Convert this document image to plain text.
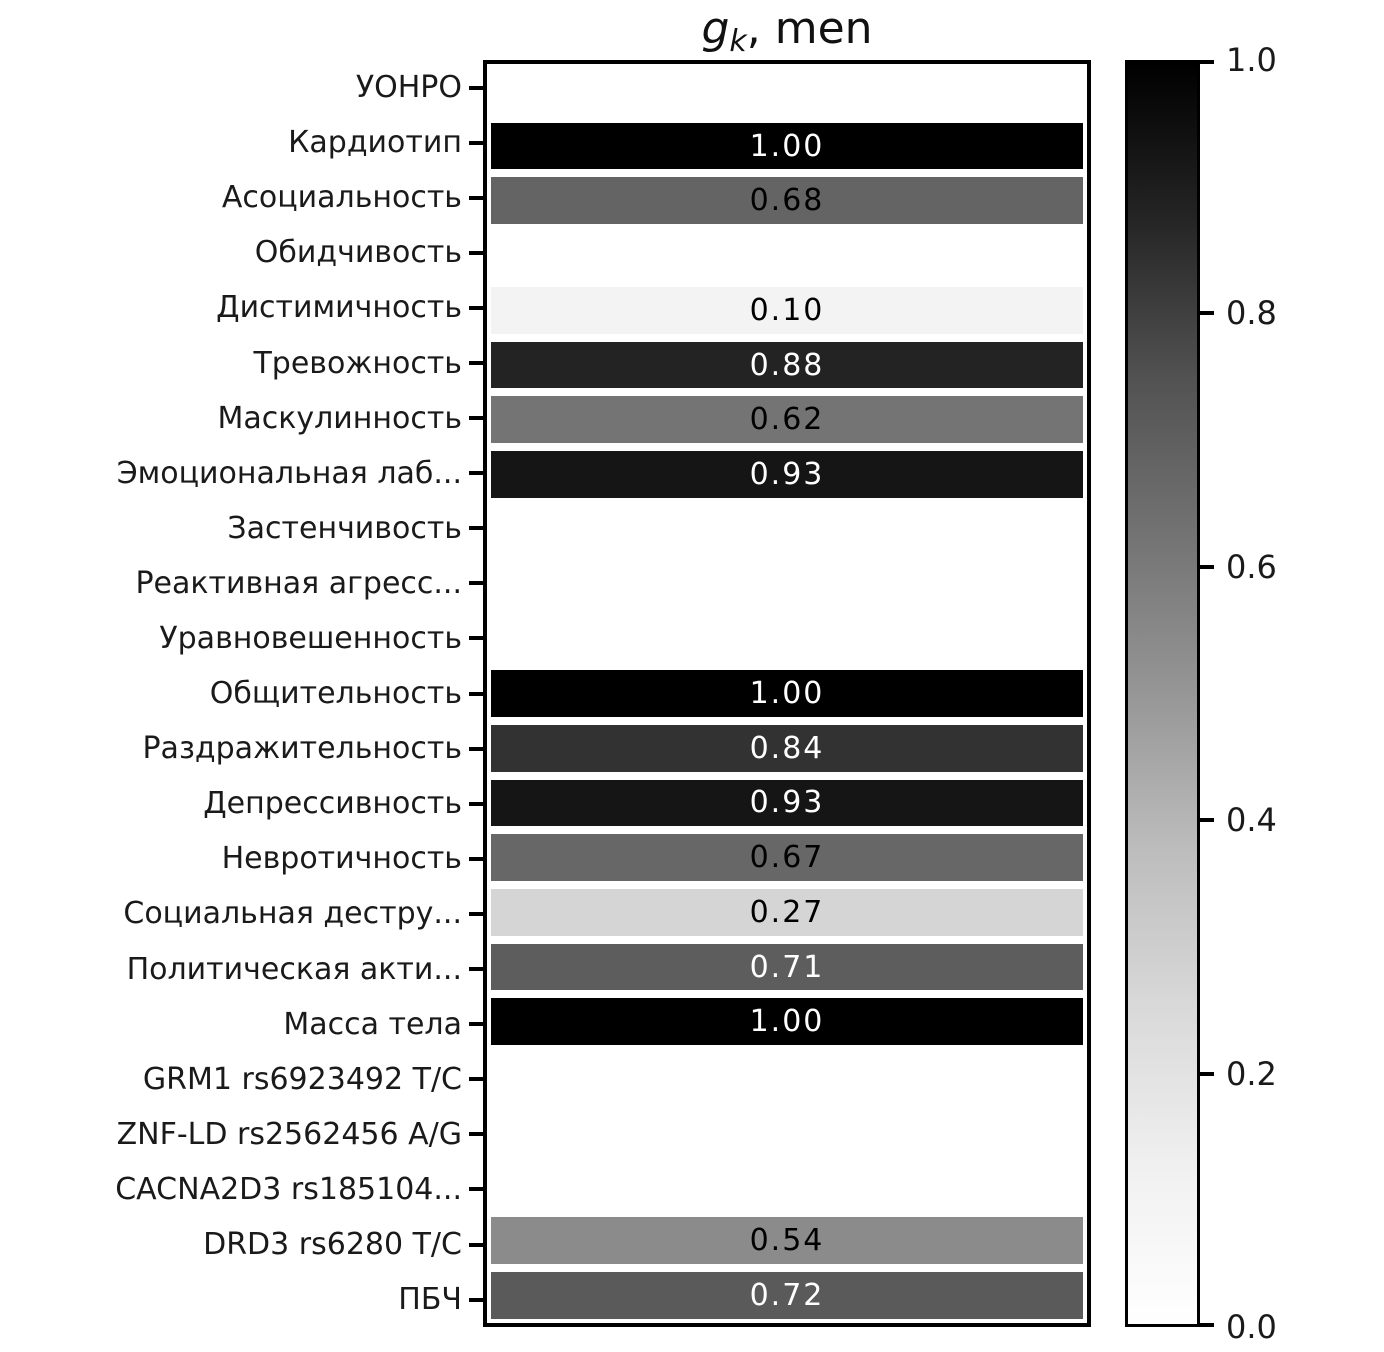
gk, men
УОНРО
Кардиотип
Асоциальность
Обидчивость
Дистимичность
Тревожность
Маскулинность
Эмоциональная лаб...
Застенчивость
Реактивная агресс...
Уравновешенность
Общительность
Раздражительность
Депрессивность
Невротичность
Социальная дестру...
Политическая акти...
Масса тела
GRM1 rs6923492 T/C
ZNF-LD rs2562456 A/G
CACNA2D3 rs185104...
DRD3 rs6280 T/C
ПБЧ
1.00
0.68
0.10
0.88
0.62
0.93
1.00
0.84
0.93
0.67
0.27
0.71
1.00
0.54
0.72
1.0
0.8
0.6
0.4
0.2
0.0
